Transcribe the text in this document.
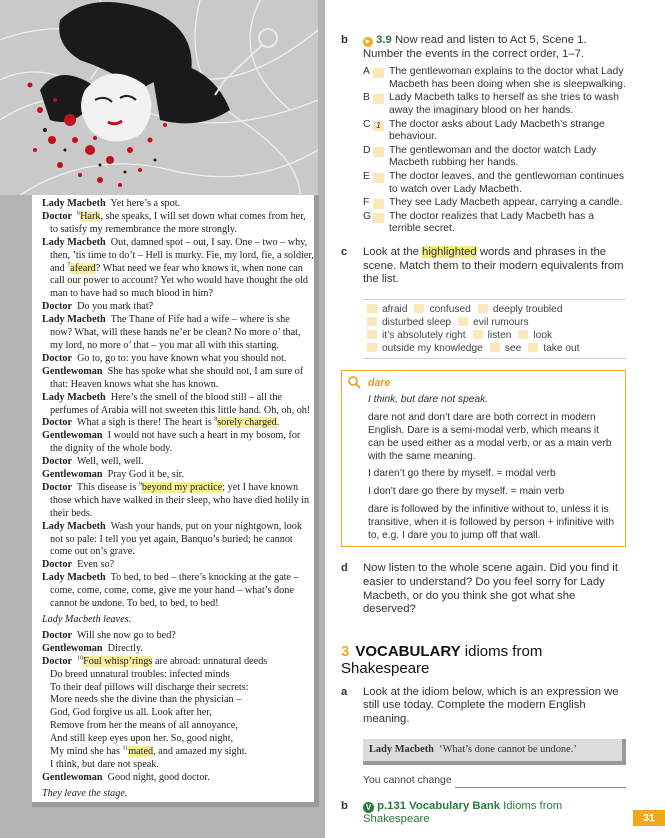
Lady Macbeth Yet here’s a spot.
Doctor $^6$Hark, she speaks, I will set down what comes from her, to satisfy my remembrance the more strongly.
Lady Macbeth Out, damned spot – out, I say. One – two – why, then, ’tis time to do’t – Hell is murky. Fie, my lord, fie, a soldier, and $^7$afeard? What need we fear who knows it, when none can call our power to account? Yet who would have thought the old man to have had so much blood in him?
Doctor Do you mark that?
Lady Macbeth The Thane of Fife had a wife – where is she now? What, will these hands ne’er be clean? No more o’ that, my lord, no more o’ that – you mar all with this starting.
Doctor Go to, go to: you have known what you should not.
Gentlewoman She has spoke what she should not, I am sure of that: Heaven knows what she has known.
Lady Macbeth Here’s the smell of the blood still – all the perfumes of Arabia will not sweeten this little hand. Oh, oh, oh!
Doctor What a sigh is there! The heart is $^8$sorely charged.
Gentlewoman I would not have such a heart in my bosom, for the dignity of the whole body.
Doctor Well, well, well.
Gentlewoman Pray God it be, sir.
Doctor This disease is $^9$beyond my practice; yet I have known those which have walked in their sleep, who have died holily in their beds.
Lady Macbeth Wash your hands, put on your nightgown, look not so pale: I tell you yet again, Banquo’s buried; he cannot come out on’s grave.
Doctor Even so?
Lady Macbeth To bed, to bed – there’s knocking at the gate – come, come, come, come, give me your hand – what’s done cannot be undone. To bed, to bed, to bed!
Lady Macbeth leaves.
Doctor Will she now go to bed?
Gentlewoman Directly.
Doctor $^{10}$Foul whisp’rings are abroad: unnatural deeds
Do breed unnatural troubles: infected minds
To their deaf pillows will discharge their secrets:
More needs she the divine than the physician –
God, God forgive us all. Look after her,
Remove from her the means of all annoyance,
And still keep eyes upon her. So, good night,
My mind she has $^{11}$mated, and amazed my sight.
I think, but dare not speak.
Gentlewoman Good night, good doctor.
They leave the stage.
b	▶ 3.9 Now read and listen to Act 5, Scene 1. Number the events in the correct order, 1–7.
A The gentlewoman explains to the doctor what Lady Macbeth has been doing when she is sleepwalking.
B Lady Macbeth talks to herself as she tries to wash away the imaginary blood on her hands.
C 1 The doctor asks about Lady Macbeth’s strange behaviour.
D The gentlewoman and the doctor watch Lady Macbeth rubbing her hands.
E The doctor leaves, and the gentlewoman continues to watch over Lady Macbeth.
F They see Lady Macbeth appear, carrying a candle.
G The doctor realizes that Lady Macbeth has a terrible secret.
c Look at the highlighted words and phrases in the scene. Match them to their modern equivalents from the list.
afraid confused deeply troubled
disturbed sleep evil rumours
it’s absolutely right listen look
outside my knowledge see take out
dare

I think, but dare not speak.

dare not and don’t dare are both correct in modern English. Dare is a semi-modal verb, which means it can be used either as a modal verb, or as a main verb with the same meaning.

I daren’t go there by myself. = modal verb

I don’t dare go there by myself. = main verb

dare is followed by the infinitive without to, unless it is transitive, when it is followed by person + infinitive with to, e.g. I dare you to jump off that wall.

d Now listen to the whole scene again. Did you find it easier to understand? Do you feel sorry for Lady Macbeth, or do you think she got what she deserved?
3 VOCABULARY idioms from Shakespeare
a Look at the idiom below, which is an expression we still use today. Complete the modern English meaning.
Lady Macbeth ‘What’s done cannot be undone.’
You cannot change
b V p.131 Vocabulary Bank Idioms from Shakespeare	31
